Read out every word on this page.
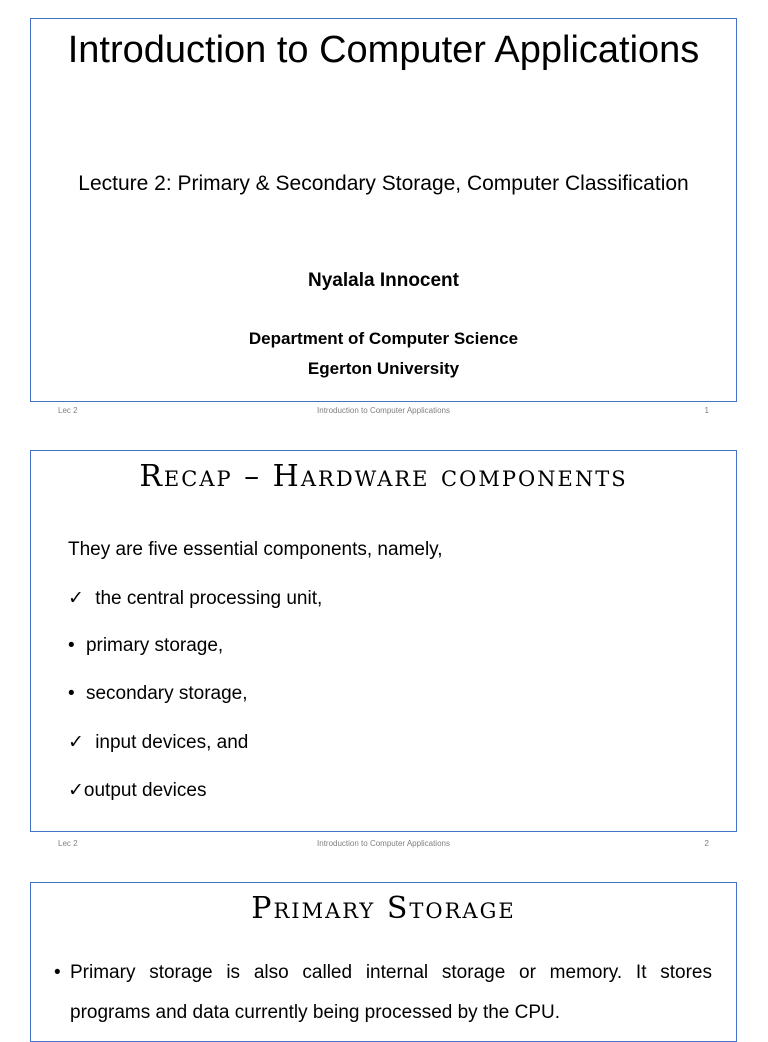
Introduction to Computer Applications
Lecture 2: Primary & Secondary Storage, Computer Classification
Nyalala Innocent
Department of Computer Science
Egerton University
Lec 2	Introduction to Computer Applications	1
Recap – Hardware components
They are five essential components, namely,
✓ the central processing unit,
• primary storage,
• secondary storage,
✓ input devices, and
✓output devices
Lec 2	Introduction to Computer Applications	2
Primary Storage
• Primary storage is also called internal storage or memory. It stores programs and data currently being processed by the CPU.
